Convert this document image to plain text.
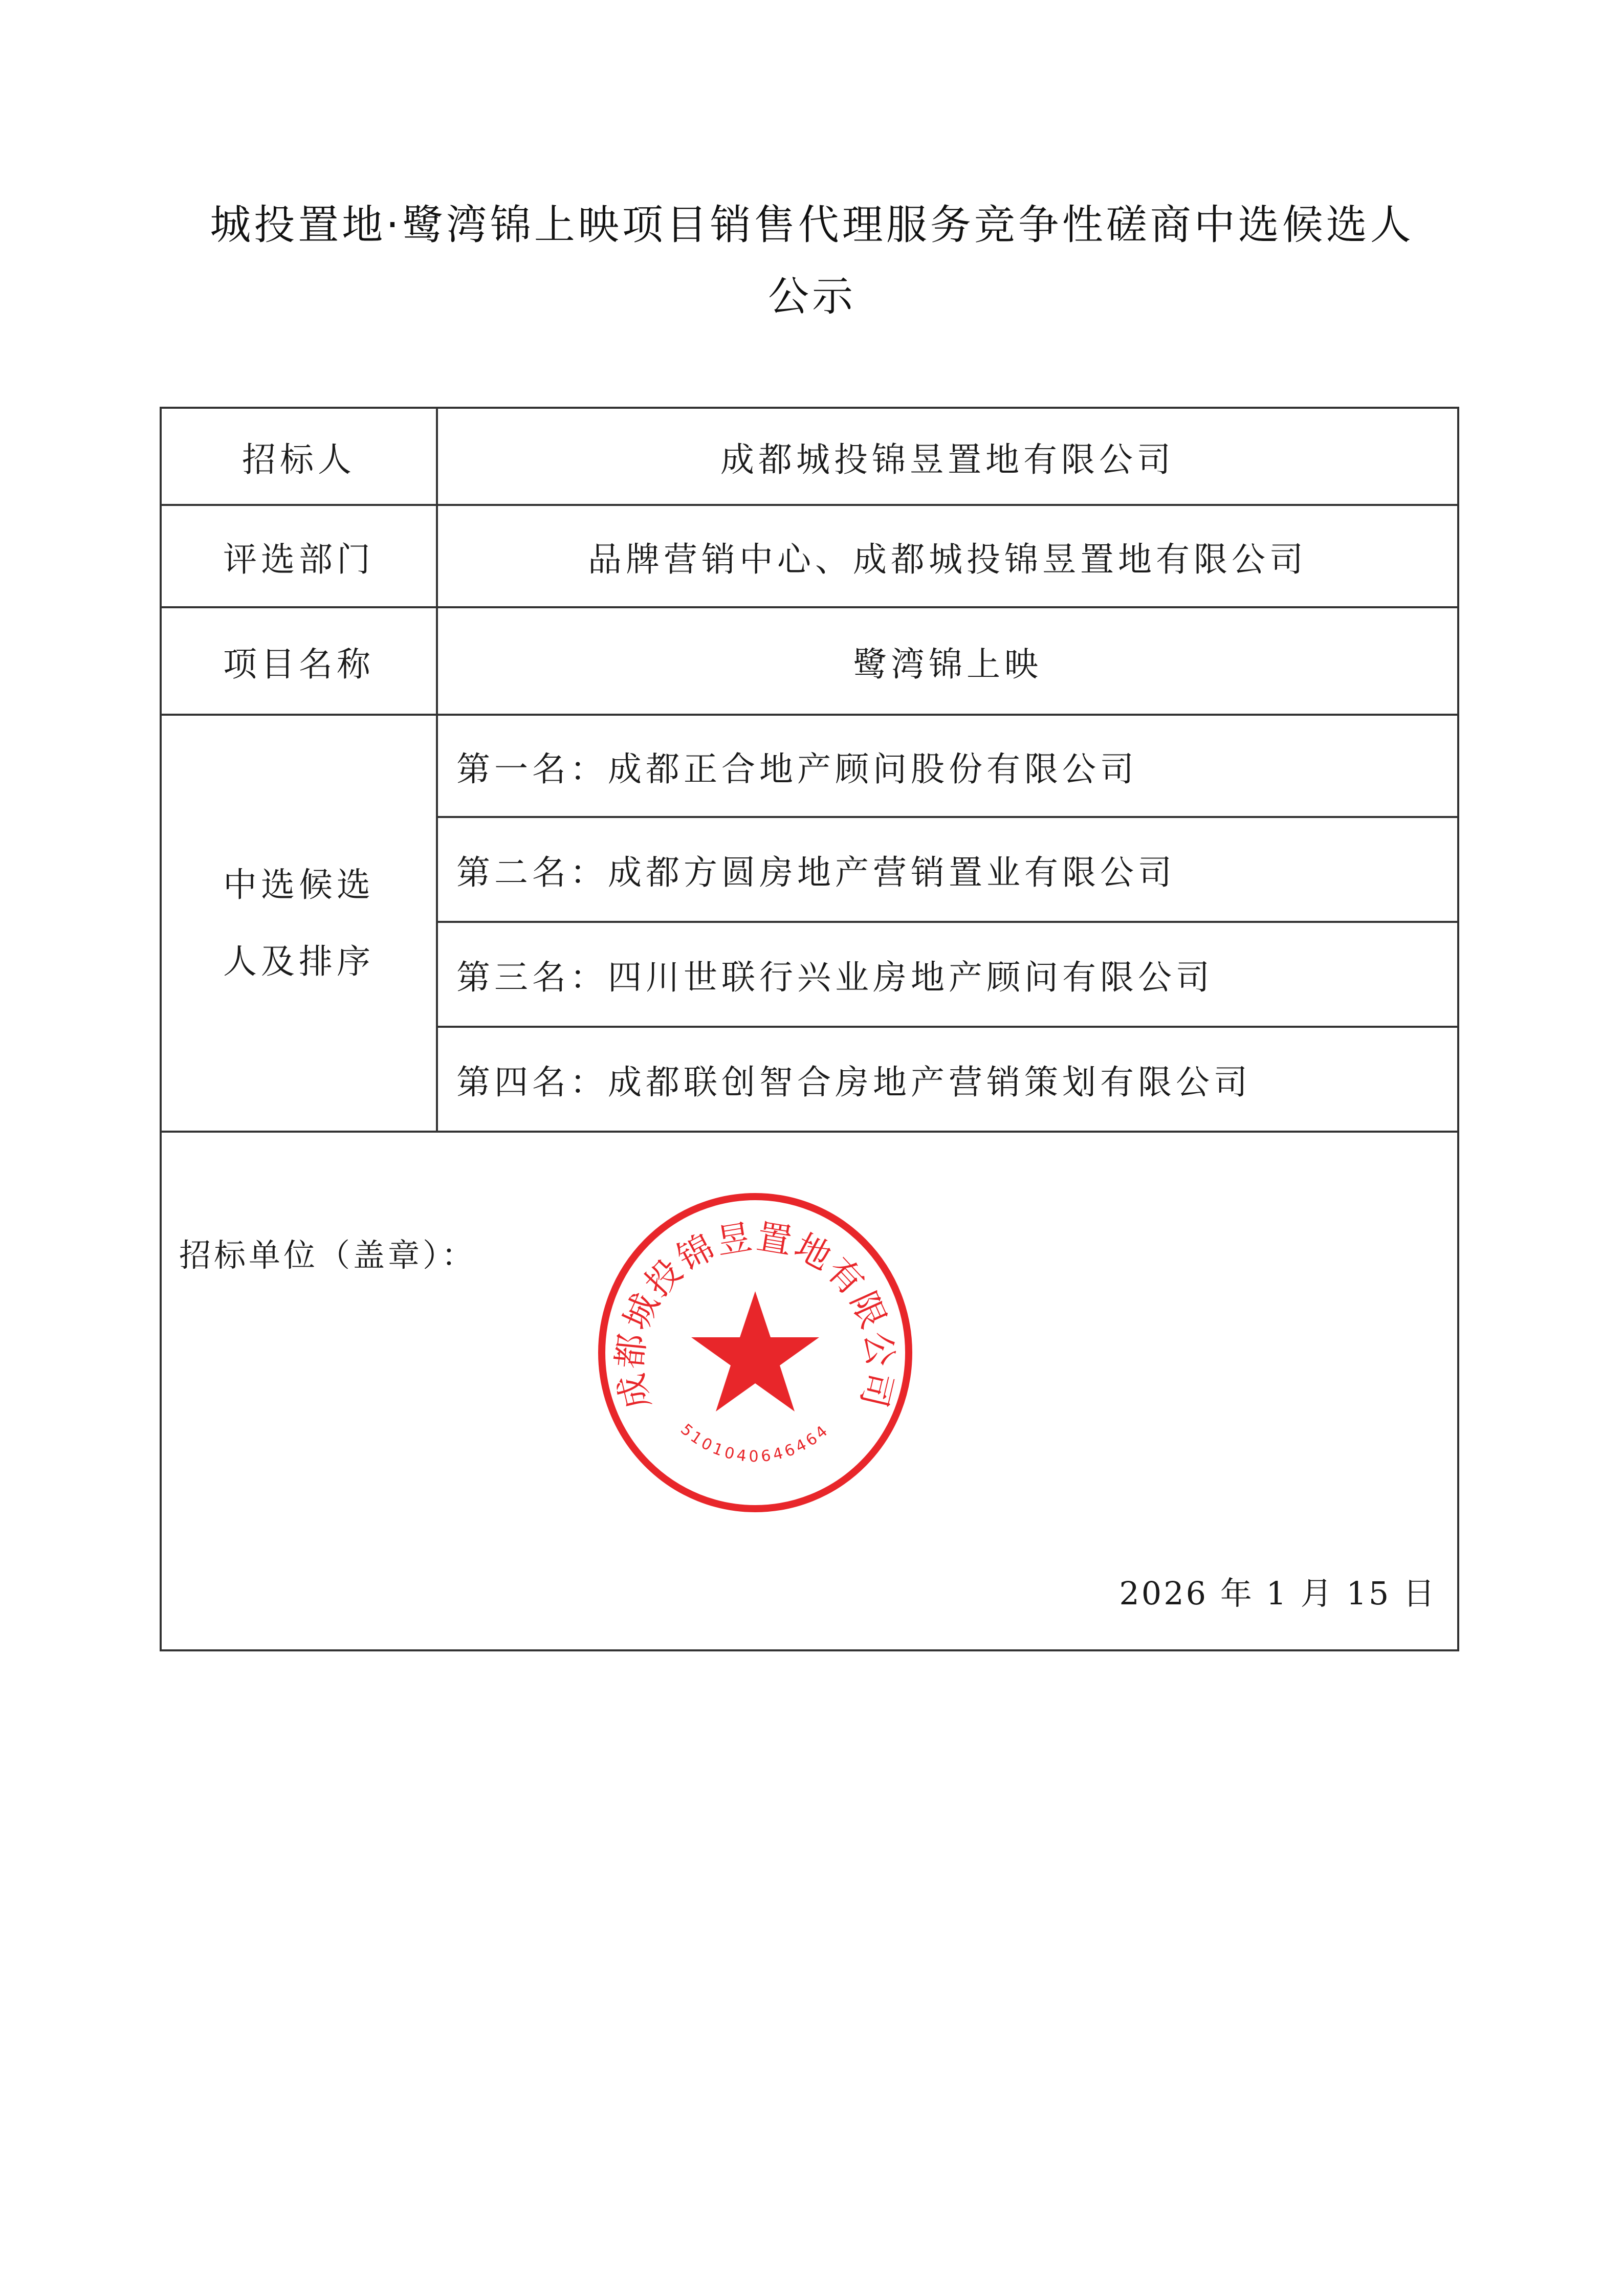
城投置地·鹭湾锦上映项目销售代理服务竞争性磋商中选候选人
公示
招标人	成都城投锦昱置地有限公司
评选部门	品牌营销中心、成都城投锦昱置地有限公司
项目名称	鹭湾锦上映

中选候选
人及排序	第一名：成都正合地产顾问股份有限公司
	第二名：成都方圆房地产营销置业有限公司
	第三名：四川世联行兴业房地产顾问有限公司
	第四名：成都联创智合房地产营销策划有限公司

招标单位（盖章）：
成都城投锦昱置地有限公司
5101040646464
2026 年 1 月 15 日	
